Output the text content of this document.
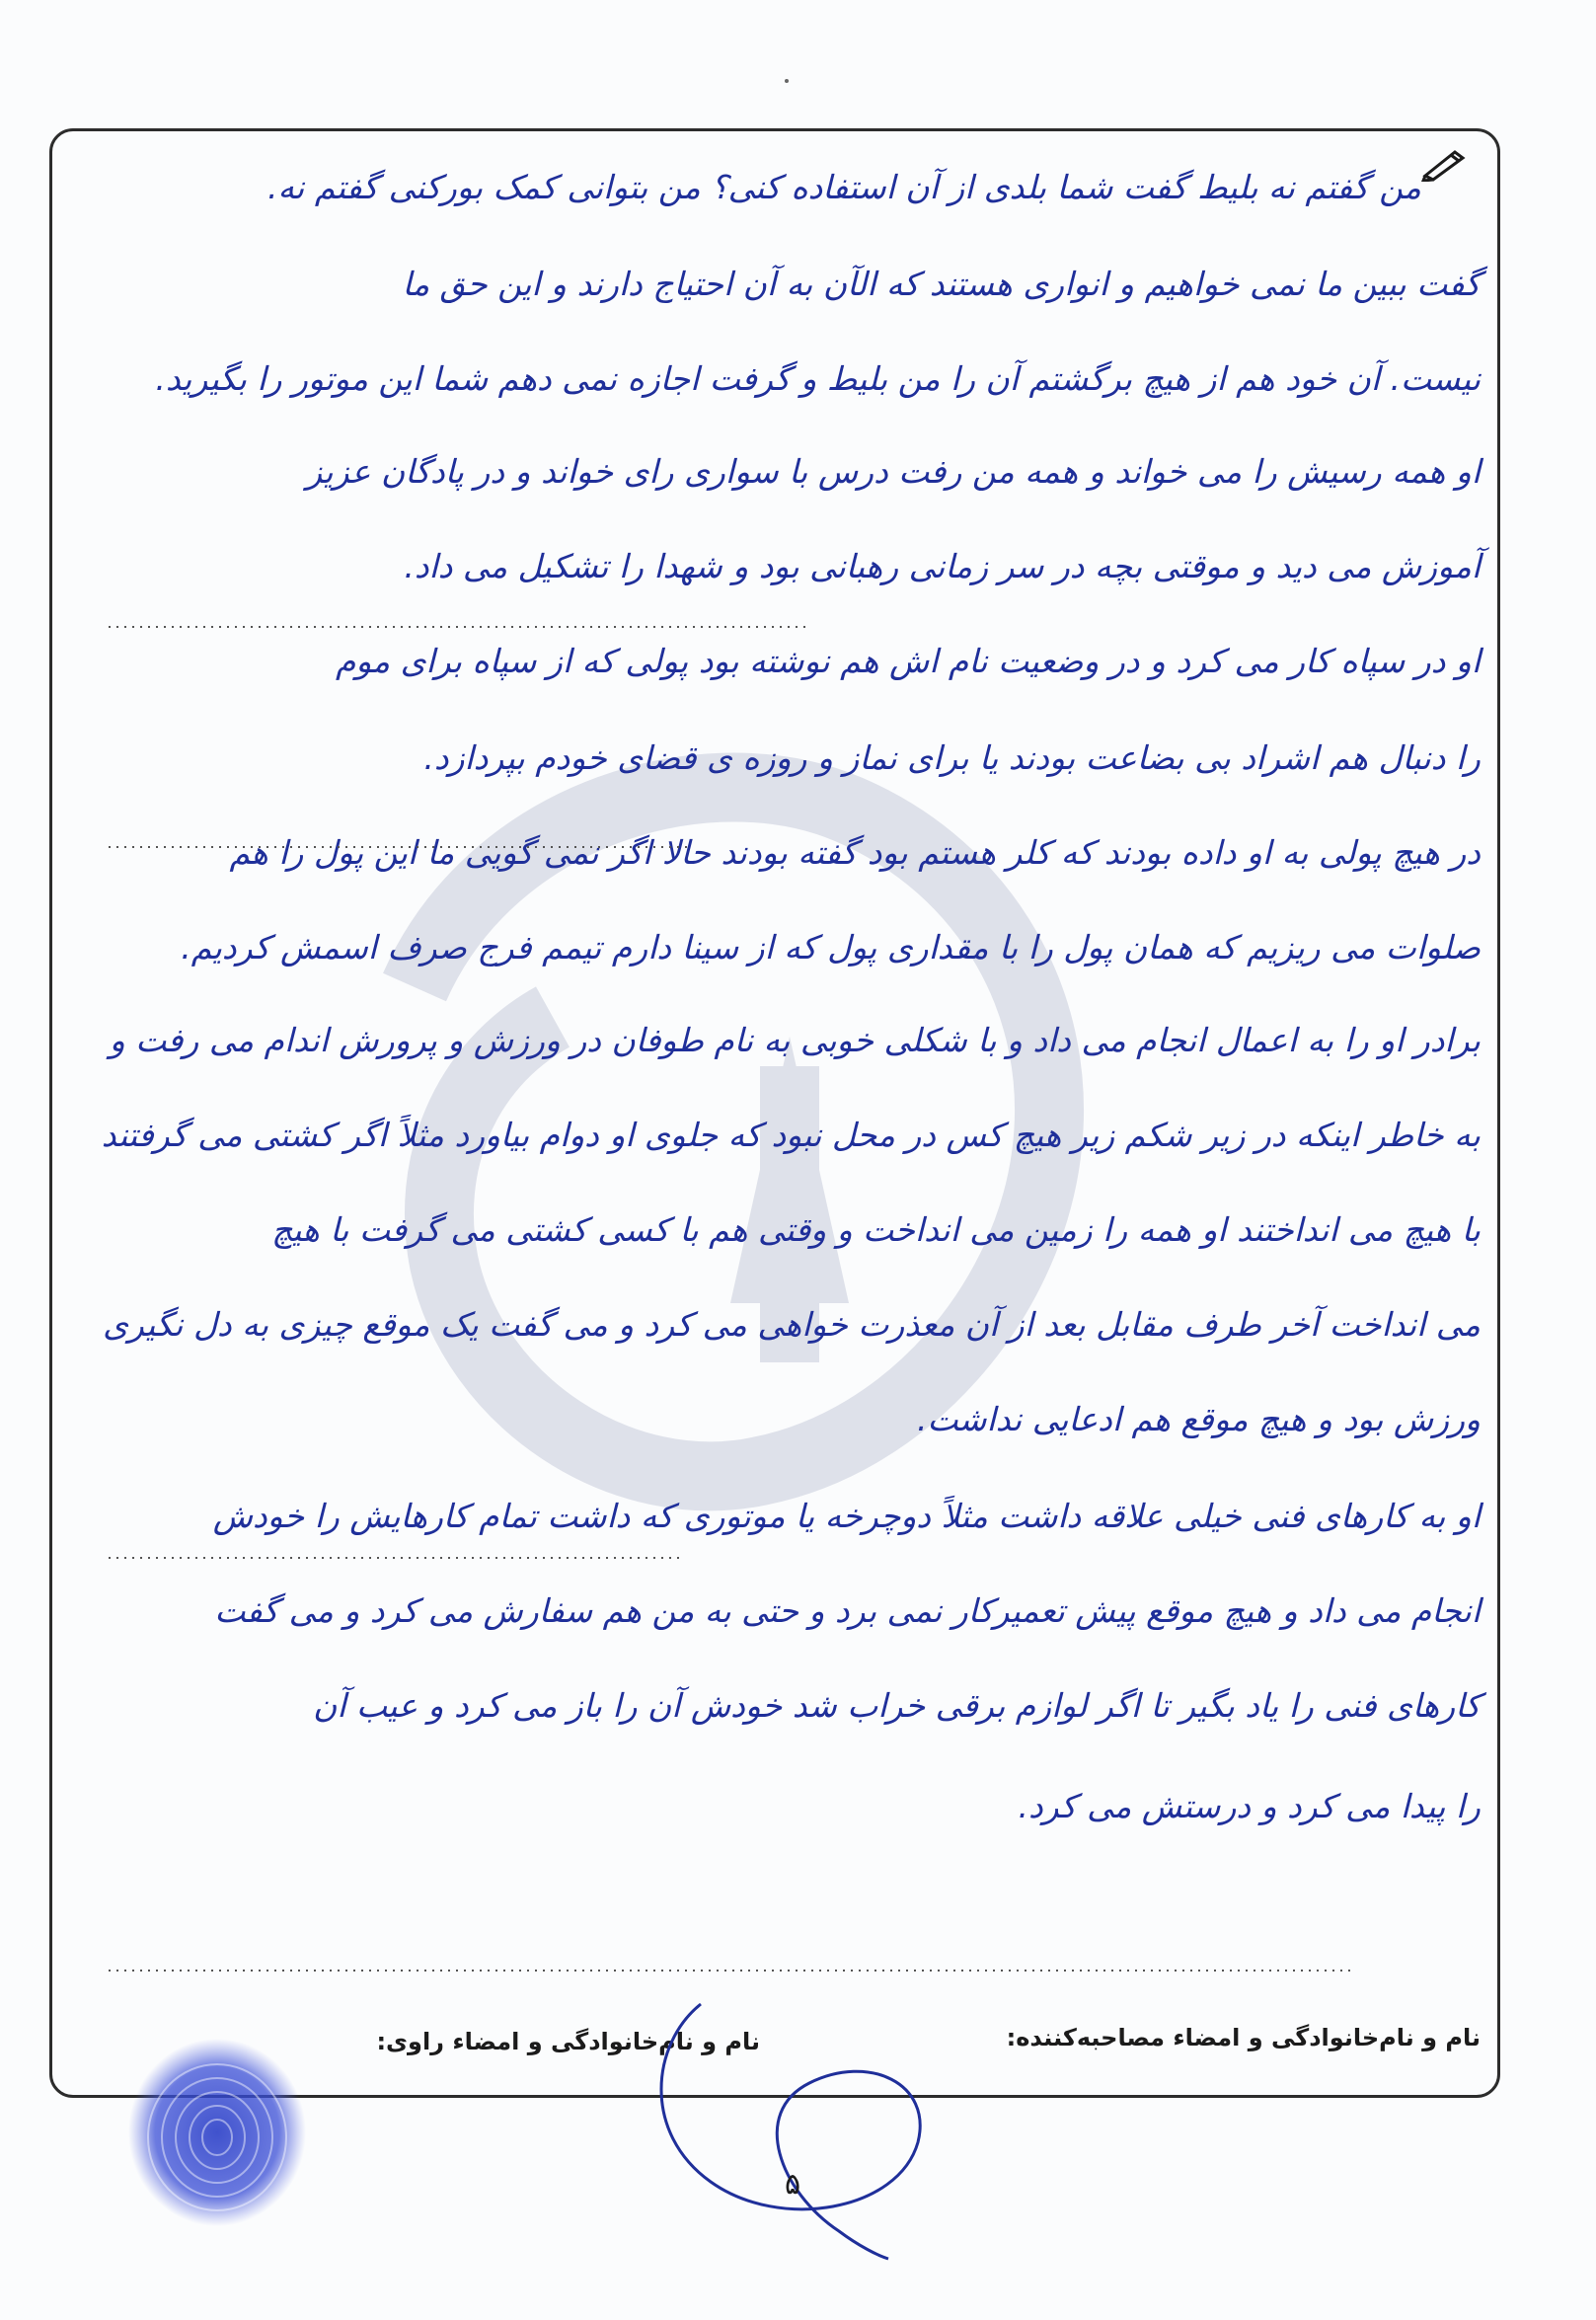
من گفتم نه بلیط گفت شما بلدی از آن استفاده کنی؟ من بتوانی کمک بورکنی گفتم نه.
گفت ببین ما نمی خواهیم و انواری هستند که الآن به آن احتیاج دارند و این حق ما
نیست. آن خود هم از هیچ برگشتم آن را من بلیط و گرفت اجازه نمی دهم شما این موتور را بگیرید.
او همه رسیش را می خواند و همه من رفت درس با سواری رای خواند و در پادگان عزیز
آموزش می دید و موقتی بچه در سر زمانی رهبانی بود و شهدا را تشکیل می داد.
او در سپاه کار می کرد و در وضعیت نام اش هم نوشته بود پولی که از سپاه برای موم
را دنبال هم اشراد بی بضاعت بودند یا برای نماز و روزه ی قضای خودم بپردازد.
در هیچ پولی به او داده بودند که کلر هستم بود گفته بودند حالا اگر نمی گویی ما این پول را هم
صلوات می ریزیم که همان پول را با مقداری پول که از سینا دارم تیمم فرج صرف اسمش کردیم.
برادر او را به اعمال انجام می داد و با شکلی خوبی به نام طوفان در ورزش و پرورش اندام می رفت و
به خاطر اینکه در زیر شکم زیر هیچ کس در محل نبود که جلوی او دوام بیاورد مثلاً اگر کشتی می گرفتند
با هیچ می انداختند او همه را زمین می انداخت و وقتی هم با کسی کشتی می گرفت با هیچ
می انداخت آخر طرف مقابل بعد از آن معذرت خواهی می کرد و می گفت یک موقع چیزی به دل نگیری
ورزش بود و هیچ موقع هم ادعایی نداشت.
او به کارهای فنی خیلی علاقه داشت مثلاً دوچرخه یا موتوری که داشت تمام کارهایش را خودش
انجام می داد و هیچ موقع پیش تعمیرکار نمی برد و حتی به من هم سفارش می کرد و می گفت
کارهای فنی را یاد بگیر تا اگر لوازم برقی خراب شد خودش آن را باز می کرد و عیب آن
را پیدا می کرد و درستش می کرد.
نام و نام‌خانوادگی و امضاء مصاحبه‌کننده:
نام و نام‌خانوادگی و امضاء راوی:
۵
